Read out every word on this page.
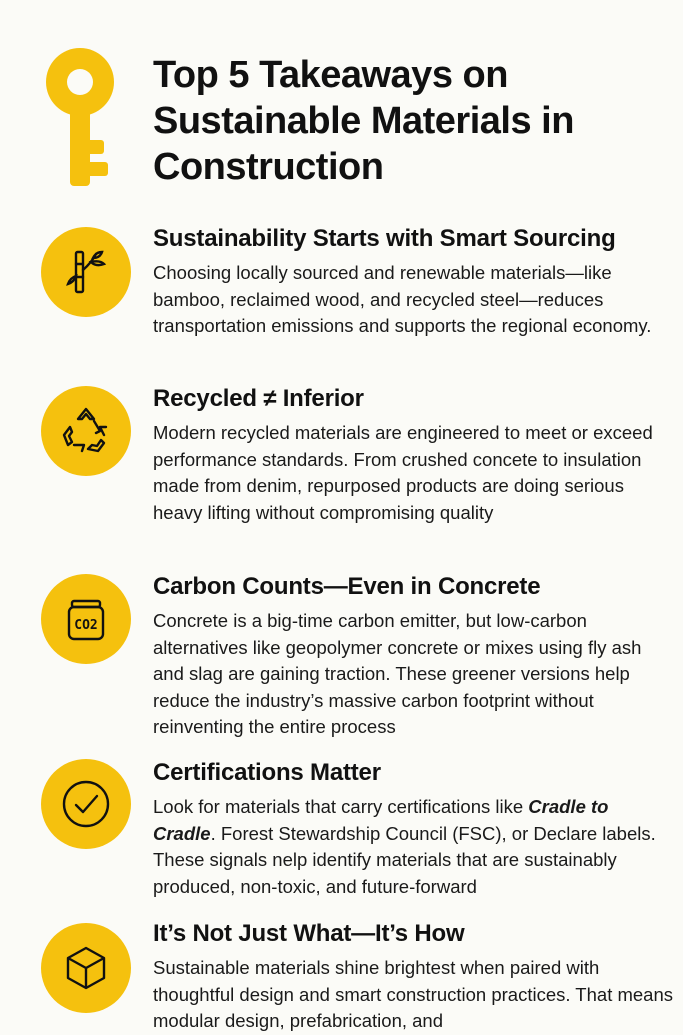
Top 5 Takeaways on Sustainable Materials in Construction
Sustainability Starts with Smart Sourcing
Choosing locally sourced and renewable materials—like bamboo, reclaimed wood, and recycled steel—reduces transportation emissions and supports the regional economy.
Recycled ≠ Inferior
Modern recycled materials are engineered to meet or exceed performance standards. From crushed concete to insulation made from denim, repurposed products are doing serious heavy lifting without compromising quality
CO2
Carbon Counts—Even in Concrete
Concrete is a big-time carbon emitter, but low-carbon alternatives like geopolymer concrete or mixes using fly ash and slag are gaining traction. These greener versions help reduce the industry’s massive carbon footprint without reinventing the entire process
Certifications Matter
Look for materials that carry certifications like Cradle to Cradle. Forest Stewardship Council (FSC), or Declare labels. These signals nelp identify materials that are sustainably produced, non-toxic, and future-forward
It’s Not Just What—It’s How
Sustainable materials shine brightest when paired with thoughtful design and smart construction practices. That means modular design, prefabrication, and
